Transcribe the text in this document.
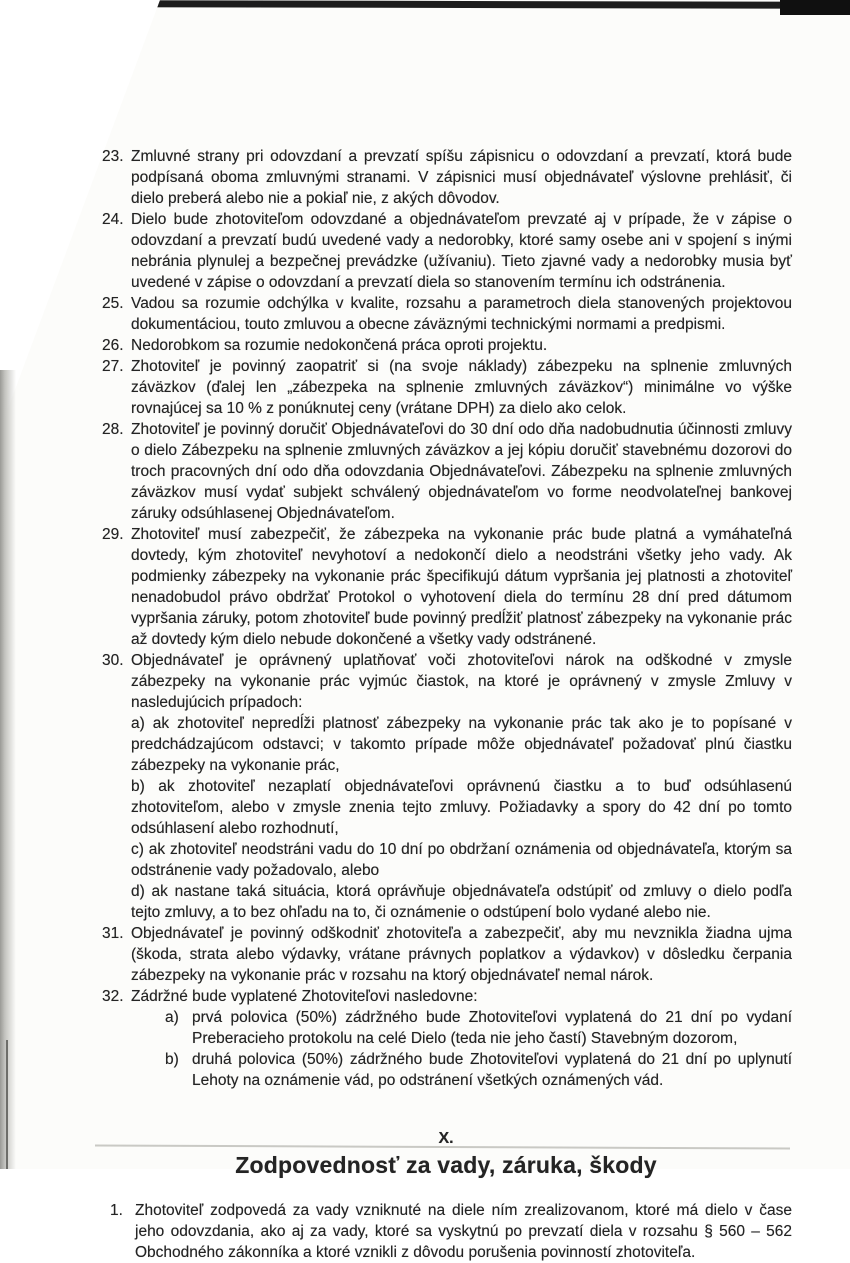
23. Zmluvné strany pri odovzdaní a prevzatí spíšu zápisnicu o odovzdaní a prevzatí, ktorá bude podpísaná oboma zmluvnými stranami. V zápisnici musí objednávateľ výslovne prehlásiť, či dielo preberá alebo nie a pokiaľ nie, z akých dôvodov.
24. Dielo bude zhotoviteľom odovzdané a objednávateľom prevzaté aj v prípade, že v zápise o odovzdaní a prevzatí budú uvedené vady a nedorobky, ktoré samy osebe ani v spojení s inými nebránia plynulej a bezpečnej prevádzke (užívaniu). Tieto zjavné vady a nedorobky musia byť uvedené v zápise o odovzdaní a prevzatí diela so stanovením termínu ich odstránenia.
25. Vadou sa rozumie odchýlka v kvalite, rozsahu a parametroch diela stanovených projektovou dokumentáciou, touto zmluvou a obecne záväznými technickými normami a predpismi.
26. Nedorobkom sa rozumie nedokončená práca oproti projektu.
27. Zhotoviteľ je povinný zaopatriť si (na svoje náklady) zábezpeku na splnenie zmluvných záväzkov (ďalej len „zábezpeka na splnenie zmluvných záväzkov“) minimálne vo výške rovnajúcej sa 10 % z ponúknutej ceny (vrátane DPH) za dielo ako celok.
28. Zhotoviteľ je povinný doručiť Objednávateľovi do 30 dní odo dňa nadobudnutia účinnosti zmluvy o dielo Zábezpeku na splnenie zmluvných záväzkov a jej kópiu doručiť stavebnému dozorovi do troch pracovných dní odo dňa odovzdania Objednávateľovi. Zábezpeku na splnenie zmluvných záväzkov musí vydať subjekt schválený objednávateľom vo forme neodvolateľnej bankovej záruky odsúhlasenej Objednávateľom.
29. Zhotoviteľ musí zabezpečiť, že zábezpeka na vykonanie prác bude platná a vymáhateľná dovtedy, kým zhotoviteľ nevyhotoví a nedokončí dielo a neodstráni všetky jeho vady. Ak podmienky zábezpeky na vykonanie prác špecifikujú dátum vypršania jej platnosti a zhotoviteľ nenadobudol právo obdržať Protokol o vyhotovení diela do termínu 28 dní pred dátumom vypršania záruky, potom zhotoviteľ bude povinný predĺžiť platnosť zábezpeky na vykonanie prác až dovtedy kým dielo nebude dokončené a všetky vady odstránené.
30. Objednávateľ je oprávnený uplatňovať voči zhotoviteľovi nárok na odškodné v zmysle zábezpeky na vykonanie prác vyjmúc čiastok, na ktoré je oprávnený v zmysle Zmluvy v nasledujúcich prípadoch:
a) ak zhotoviteľ nepredĺži platnosť zábezpeky na vykonanie prác tak ako je to popísané v predchádzajúcom odstavci; v takomto prípade môže objednávateľ požadovať plnú čiastku zábezpeky na vykonanie prác,
b) ak zhotoviteľ nezaplatí objednávateľovi oprávnenú čiastku a to buď odsúhlasenú zhotoviteľom, alebo v zmysle znenia tejto zmluvy. Požiadavky a spory do 42 dní po tomto odsúhlasení alebo rozhodnutí,
c) ak zhotoviteľ neodstráni vadu do 10 dní po obdržaní oznámenia od objednávateľa, ktorým sa odstránenie vady požadovalo, alebo
d) ak nastane taká situácia, ktorá oprávňuje objednávateľa odstúpiť od zmluvy o dielo podľa tejto zmluvy, a to bez ohľadu na to, či oznámenie o odstúpení bolo vydané alebo nie.
31. Objednávateľ je povinný odškodniť zhotoviteľa a zabezpečiť, aby mu nevznikla žiadna ujma (škoda, strata alebo výdavky, vrátane právnych poplatkov a výdavkov) v dôsledku čerpania zábezpeky na vykonanie prác v rozsahu na ktorý objednávateľ nemal nárok.
32. Zádržné bude vyplatené Zhotoviteľovi nasledovne:
a) prvá polovica (50%) zádržného bude Zhotoviteľovi vyplatená do 21 dní po vydaní Preberacieho protokolu na celé Dielo (teda nie jeho častí) Stavebným dozorom,
b) druhá polovica (50%) zádržného bude Zhotoviteľovi vyplatená do 21 dní po uplynutí Lehoty na oznámenie vád, po odstránení všetkých oznámených vád.
X.
Zodpovednosť za vady, záruka, škody
1. Zhotoviteľ zodpovedá za vady vzniknuté na diele ním zrealizovanom, ktoré má dielo v čase jeho odovzdania, ako aj za vady, ktoré sa vyskytnú po prevzatí diela v rozsahu § 560 – 562 Obchodného zákonníka a ktoré vznikli z dôvodu porušenia povinností zhotoviteľa.
